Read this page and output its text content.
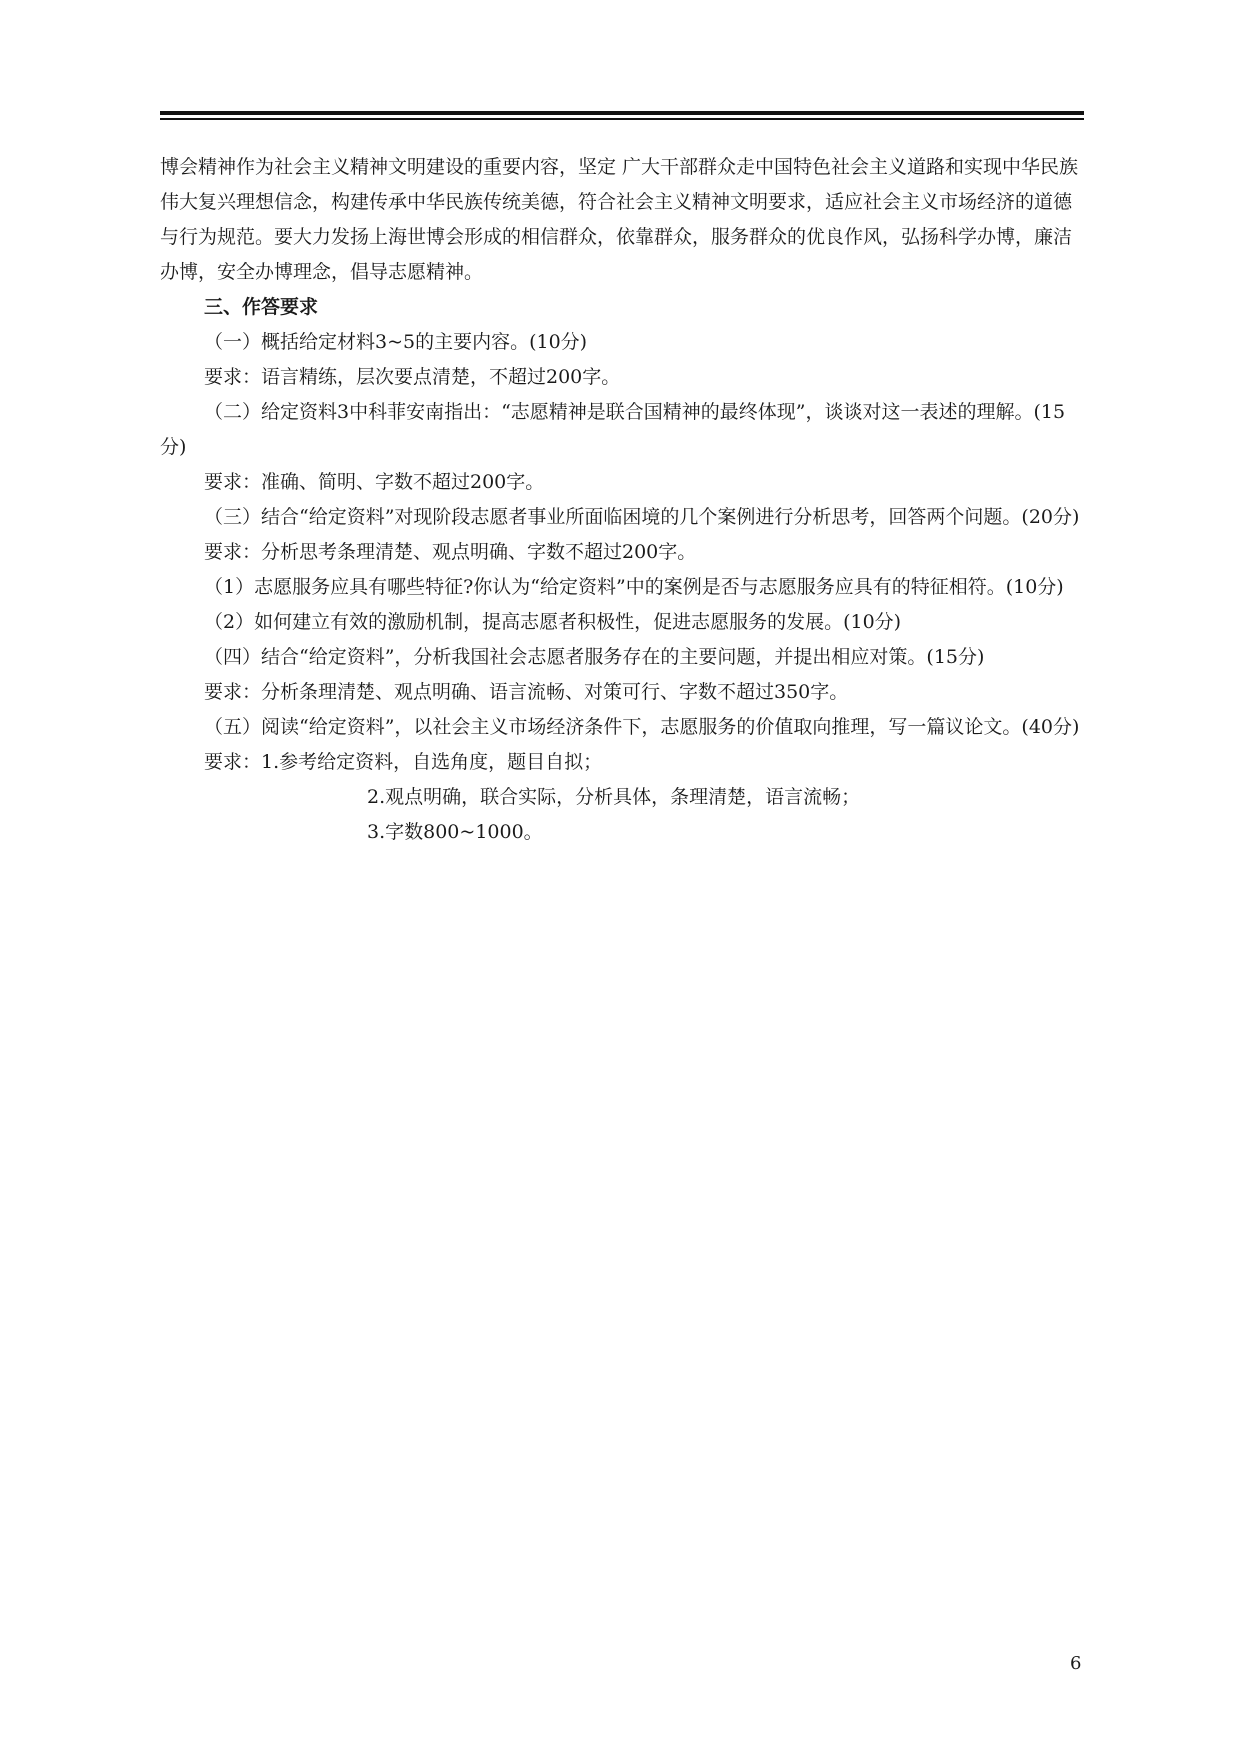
博会精神作为社会主义精神文明建设的重要内容，坚定 广大干部群众走中国特色社会主义道路和实现中华民族伟大复兴理想信念，构建传承中华民族传统美德，符合社会主义精神文明要求，适应社会主义市场经济的道德与行为规范。要大力发扬上海世博会形成的相信群众，依靠群众，服务群众的优良作风，弘扬科学办博，廉洁办博，安全办博理念，倡导志愿精神。

三、作答要求

（一）概括给定材料3~5的主要内容。(10分)

要求：语言精练，层次要点清楚，不超过200字。

（二）给定资料3中科菲安南指出：“志愿精神是联合国精神的最终体现”，谈谈对这一表述的理解。(15分)

要求：准确、简明、字数不超过200字。

（三）结合“给定资料”对现阶段志愿者事业所面临困境的几个案例进行分析思考，回答两个问题。(20分)

要求：分析思考条理清楚、观点明确、字数不超过200字。

（1）志愿服务应具有哪些特征?你认为“给定资料”中的案例是否与志愿服务应具有的特征相符。(10分)

（2）如何建立有效的激励机制，提高志愿者积极性，促进志愿服务的发展。(10分)

（四）结合“给定资料”，分析我国社会志愿者服务存在的主要问题，并提出相应对策。(15分)

要求：分析条理清楚、观点明确、语言流畅、对策可行、字数不超过350字。

（五）阅读“给定资料”，以社会主义市场经济条件下，志愿服务的价值取向推理，写一篇议论文。(40分)

要求：1.参考给定资料，自选角度，题目自拟；

2.观点明确，联合实际，分析具体，条理清楚，语言流畅；

3.字数800~1000。

6
